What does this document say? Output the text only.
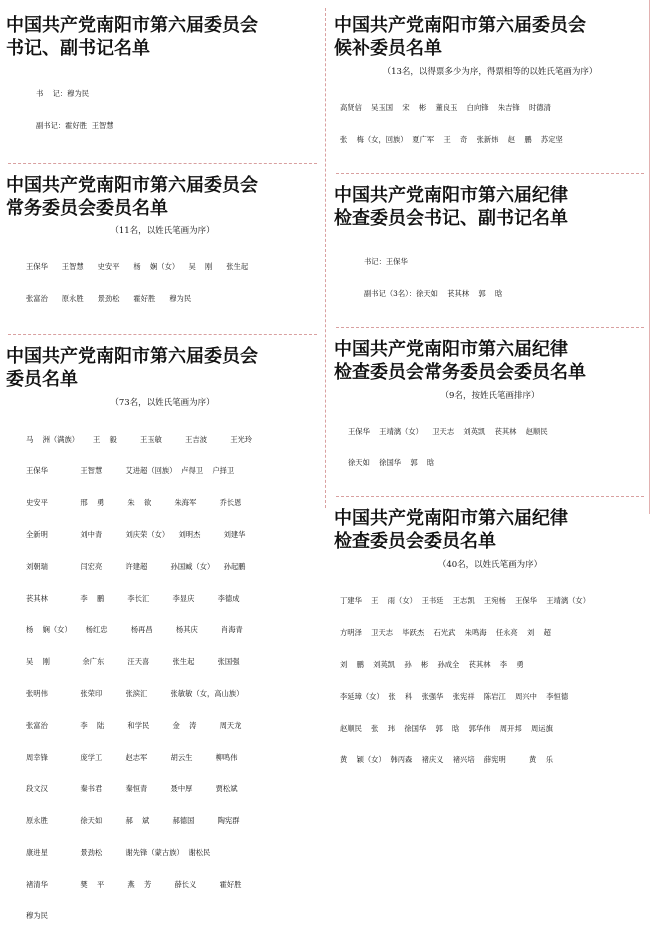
中国共产党南阳市第六届委员会
书记、副书记名单

书    记：穆为民

副书记：霍好胜  王智慧

中国共产党南阳市第六届委员会
常务委员会委员名单

（11名，以姓氏笔画为序）

王保华      王智慧      史安平      杨    娴（女）    吴    刚      张生起

张富治      原永胜      景劲松      霍好胜      穆为民

中国共产党南阳市第六届委员会
委员名单

（73名，以姓氏笔画为序）

马    洲（满族）      王    毅          王玉敏          王吉波          王光玲

王保华              王智慧          艾进超（回族）  卢得卫    户择卫

史安平              邢    勇          朱    欲          朱海军          乔长恩

全新明              刘中青          刘庆荣（女）    刘明杰          刘建华

刘朝瑞              闫宏亮          许建超          孙国臧（女）    孙起鹏

苌其林              李    鹏          李长汇          李显庆          李德成

杨    娴（女）      杨红忠          杨再昌          杨其庆          肖海青

吴    刚              余广东          汪天喜          张生起          张国强

张明伟              张荣印          张滨汇          张敏敏（女，高山族）

张富治              李    陆          和学民          金    涛          周天龙

周幸锋              庞学工          赵志军          胡云生          柳鸣伟

段文汉              秦书君          秦恒青          聂中厚          贾松斌

原永胜              徐天如          郝    斌          郝德国          陶宪群

康进星              景劲松          谢先锋（蒙古族）  谢松民

褚清华              樊    平          燕    芳          薛长义          霍好胜

穆为民

中国共产党南阳市第六届委员会
候补委员名单

（13名，以得票多少为序，得票相等的以姓氏笔画为序）

高贤信    吴玉国    宋    彬    董良玉    白向锋    朱吉锋    时德清

张    梅（女，回族）  夏广军    王    奇    张新炜    赵    鹏    苏定坚

中国共产党南阳市第六届纪律
检查委员会书记、副书记名单

书记：王保华

副书记（3名）：徐天如    苌其林    郭    晗

中国共产党南阳市第六届纪律
检查委员会常务委员会委员名单

（9名，按姓氏笔画排序）

王保华    王靖漓（女）    卫天志    刘英凯    苌其林    赵顺民

徐天如    徐国华    郭    晗

中国共产党南阳市第六届纪律
检查委员会委员名单

（40名，以姓氏笔画为序）

丁建华    王    雨（女）  王书廷    王志凯    王宛杨    王保华    王靖漓（女）

方明泽    卫天志    毕跃杰    石光武    朱鸣海    任永亮    刘    超

刘    鹏    刘英凯    孙    彬    孙成全    苌其林    李    勇

李延璋（女）  张    科    张强华    张宪祥    陈岩江    周兴中    李恒德

赵顺民    张    玮    徐国华    郭    晗    郭华伟    周开邦    周运旗

黄    颖（女）  韩丙森    褚庆义    褚兴培    薛宪明          黄    乐
